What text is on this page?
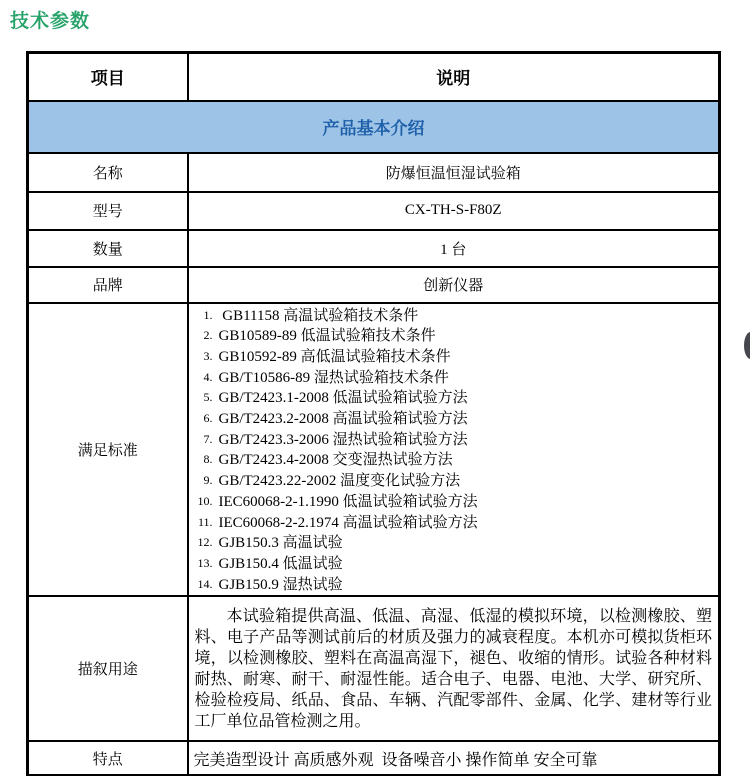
技术参数
项目	说明
产品基本介绍	
名称	防爆恒温恒湿试验箱
型号	CX-TH-S-F80Z
数量	1 台
品牌	创新仪器
满足标准	
1. GB11158 高温试验箱技术条件
2. GB10589-89 低温试验箱技术条件
3. GB10592-89 高低温试验箱技术条件
4. GB/T10586-89 湿热试验箱技术条件
5. GB/T2423.1-2008 低温试验箱试验方法
6. GB/T2423.2-2008 高温试验箱试验方法
7. GB/T2423.3-2006 湿热试验箱试验方法
8. GB/T2423.4-2008 交变湿热试验方法
9. GB/T2423.22-2002 温度变化试验方法
10. IEC60068-2-1.1990 低温试验箱试验方法
11. IEC60068-2-2.1974 高温试验箱试验方法
12. GJB150.3 高温试验
13. GJB150.4 低温试验
14. GJB150.9 湿热试验

描叙用途	本试验箱提供高温、低温、高湿、低湿的模拟环境，以检测橡胶、塑料、电子产品等测试前后的材质及强力的减衰程度。本机亦可模拟货柜环境，以检测橡胶、塑料在高温高湿下，褪色、收缩的情形。试验各种材料耐热、耐寒、耐干、耐湿性能。适合电子、电器、电池、大学、研究所、检验检疫局、纸品、食品、车辆、汽配零部件、金属、化学、建材等行业工厂单位品管检测之用。

特点	完美造型设计 高质感外观  设备噪音小 操作简单 安全可靠
